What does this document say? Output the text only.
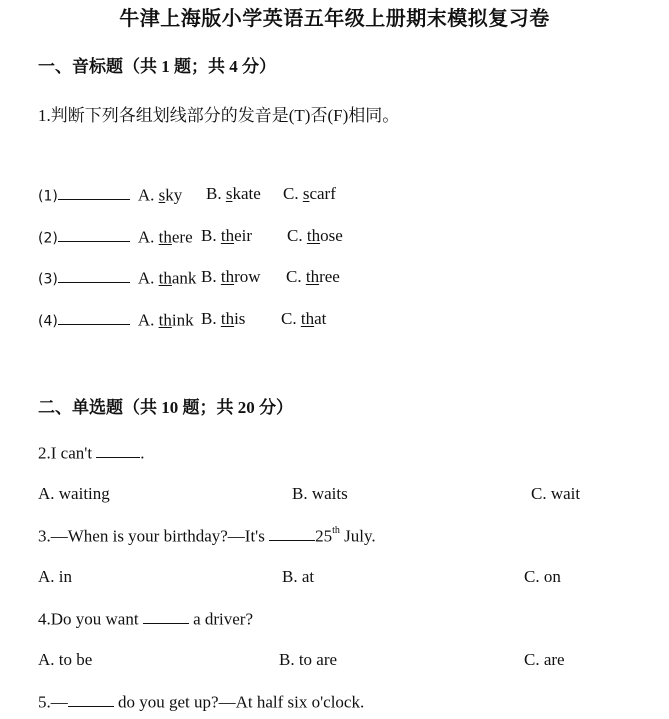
牛津上海版小学英语五年级上册期末模拟复习卷
一、音标题（共 1 题；共 4 分）
1.判断下列各组划线部分的发音是(T)否(F)相同。
(1)	A. sky B. skate C. scarf
(2)	A. there B. their C. those
(3)	A. thank B. throw C. three
(4)	A. think B. this C. that
二、单选题（共 10 题；共 20 分）
2.I can't	.
A. waiting	B. waits	C. wait
3.—When is your birthday?—It's	25th July.
A. in	B. at	C. on
4.Do you want	a driver?
A. to be	B. to are	C. are
5.—	do you get up?—At half six o'clock.
